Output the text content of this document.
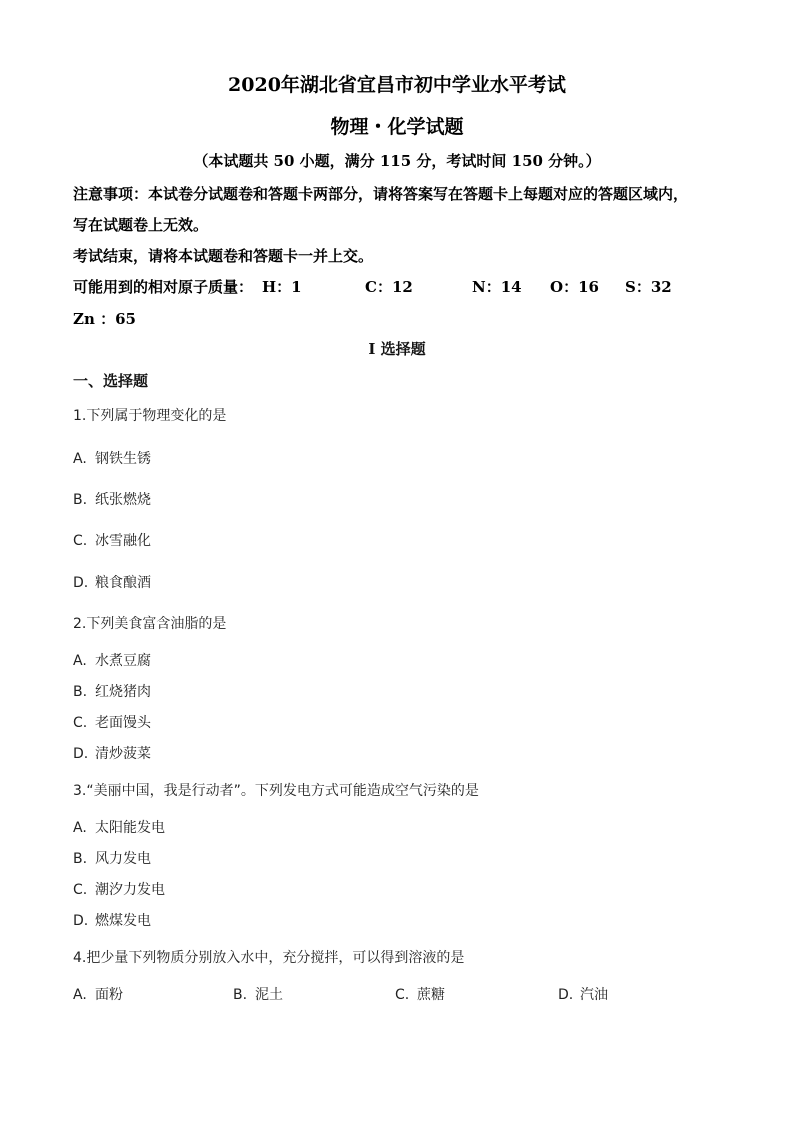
2020年湖北省宜昌市初中学业水平考试
物理・化学试题
（本试题共 50 小题，满分 115 分，考试时间 150 分钟。）
注意事项：本试卷分试题卷和答题卡两部分，请将答案写在答题卡上每题对应的答题区域内，
写在试题卷上无效。
考试结束，请将本试题卷和答题卡一并上交。
可能用到的相对原子质量： H：1	C：12	N：14 O：16 S：32
Zn ：65
I 选择题
一、选择题
1.下列属于物理变化的是
A. 钢铁生锈
B. 纸张燃烧
C. 冰雪融化
D. 粮食酿酒
2.下列美食富含油脂的是
A. 水煮豆腐
B. 红烧猪肉
C. 老面馒头
D. 清炒菠菜
3.“美丽中国，我是行动者”。下列发电方式可能造成空气污染的是
A. 太阳能发电
B. 风力发电
C. 潮汐力发电
D. 燃煤发电
4.把少量下列物质分别放入水中，充分搅拌，可以得到溶液的是
A. 面粉	B. 泥土	C. 蔗糖	D. 汽油
